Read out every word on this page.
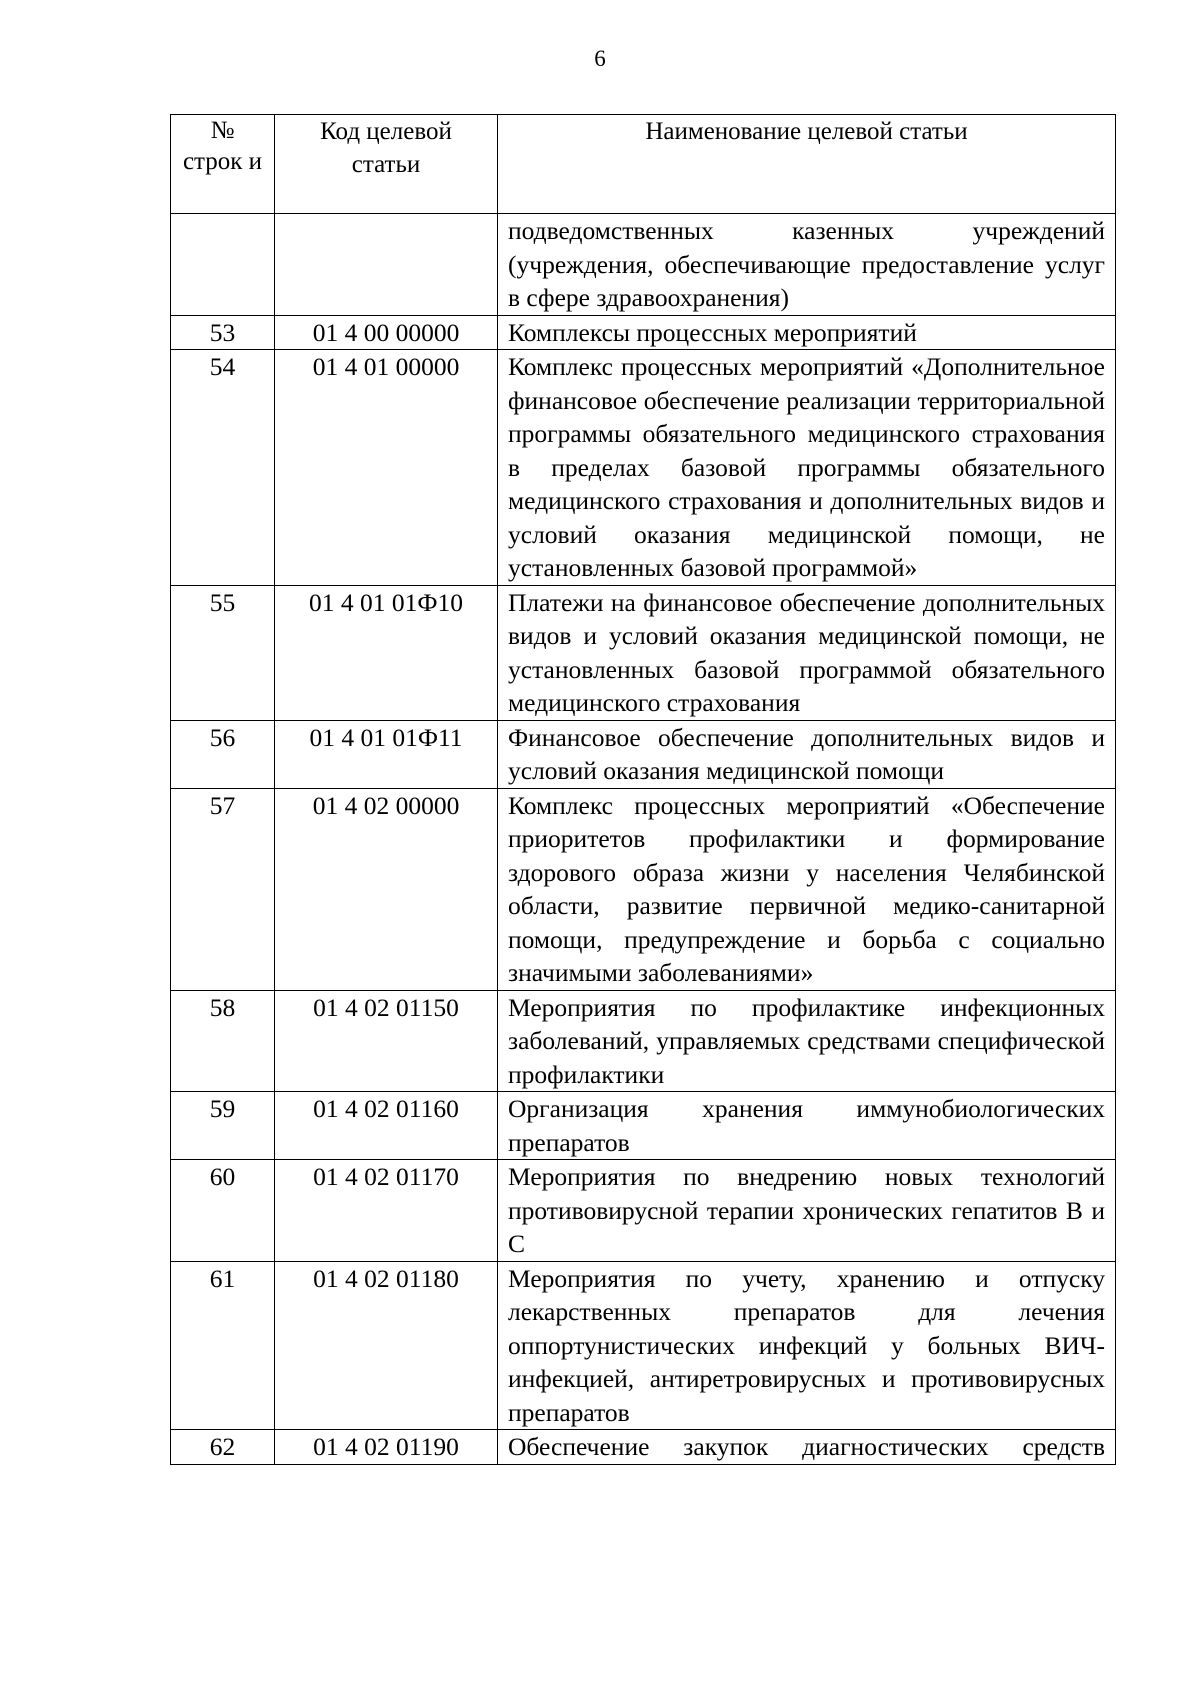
6
№ строк и	Код целевой статьи	Наименование целевой статьи
		подведомственных казенных учреждений (учреждения, обеспечивающие предоставление услуг в сфере здравоохранения)
53	01 4 00 00000	Комплексы процессных мероприятий
54	01 4 01 00000	Комплекс процессных мероприятий «Дополнительное финансовое обеспечение реализации территориальной программы обязательного медицинского страхования в пределах базовой программы обязательного медицинского страхования и дополнительных видов и условий оказания медицинской помощи, не установленных базовой программой»
55	01 4 01 01Ф10	Платежи на финансовое обеспечение дополнительных видов и условий оказания медицинской помощи, не установленных базовой программой обязательного медицинского страхования
56	01 4 01 01Ф11	Финансовое обеспечение дополнительных видов и условий оказания медицинской помощи
57	01 4 02 00000	Комплекс процессных мероприятий «Обеспечение приоритетов профилактики и формирование здорового образа жизни у населения Челябинской области, развитие первичной медико-санитарной помощи, предупреждение и борьба с социально значимыми заболеваниями»
58	01 4 02 01150	Мероприятия по профилактике инфекционных заболеваний, управляемых средствами специфической профилактики
59	01 4 02 01160	Организация хранения иммунобиологических препаратов
60	01 4 02 01170	Мероприятия по внедрению новых технологий противовирусной терапии хронических гепатитов В и С
61	01 4 02 01180	Мероприятия по учету, хранению и отпуску лекарственных препаратов для лечения оппортунистических инфекций у больных ВИЧ-инфекцией, антиретровирусных и противовирусных препаратов
62	01 4 02 01190	Обеспечение закупок диагностических средств
